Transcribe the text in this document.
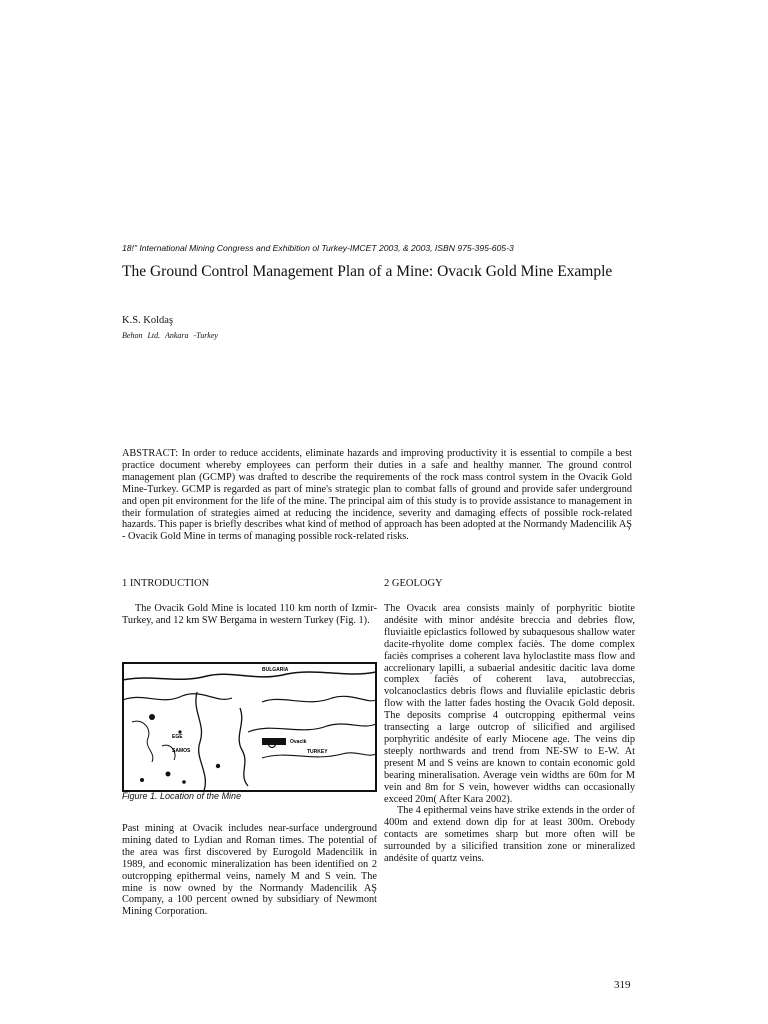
18!" International Mining Congress and Exhibition ol Turkey-IMCET 2003, & 2003, ISBN 975-395-605-3
The Ground Control Management Plan of a Mine: Ovacık Gold Mine Example
K.S. Koldaş
Behon Ltd. Ankara -Turkey
ABSTRACT: In order to reduce accidents, eliminate hazards and improving productivity it is essential to compile a best practice document whereby employees can perform their duties in a safe and healthy manner. The ground control management plan (GCMP) was drafted to describe the requirements of the rock mass control system in the Ovacik Gold Mine-Turkey. GCMP is regarded as part of mine's strategic plan to combat falls of ground and provide safer underground and open pit environment for the life of the mine. The principal aim of this study is to provide assistance to management in their formulation of strategies aimed at reducing the incidence, severity and damaging effects of possible rock-related hazards. This paper is briefly describes what kind of method of approach has been adopted at the Normandy Madencilik AŞ - Ovacik Gold Mine in terms of managing possible rock-related risks.
1 INTRODUCTION	2 GEOLOGY

The Ovacik Gold Mine is located 110 km north of Izmir-Turkey, and 12 km SW Bergama in western Turkey (Fig. 1).

BULGARIA
EGE
SAMOS
Ovacik
TURKEY
Figure 1. Location of the Mine

Past mining at Ovacik includes near-surface underground mining dated to Lydian and Roman times. The potential of the area was first discovered by Eurogold Madencilik in 1989, and economic mineralization has been identified on 2 outcropping epithermal veins, namely M and S vein. The mine is now owned by the Normandy Madencilik AŞ Company, a 100 percent owned by subsidiary of Newmont Mining Corporation.

The Ovacık area consists mainly of porphyritic biotite andésite with minor andésite breccia and debries flow, fluviaitle epiclastics followed by subaquesous shallow water dacite-rhyolite dome complex faciès. The dome complex faciès comprises a coherent lava hyloclastite mass flow and accrelionary lapilli, a subaerial andesitic dacitic lava dome complex faciès of coherent lava, autobreccias, volcanoclastics debris flows and fluvialile epiclastic debris flow with the latter fades hosting the Ovacık Gold deposit. The deposits comprise 4 outcropping epithermal veins transecting a large outcrop of silicified and argilised porphyritic andésite of early Miocene age. The veins dip steeply northwards and trend from NE-SW to E-W. At present M and S veins are known to contain economic gold bearing mineralisation. Average vein widths are 60m for M vein and 8m for S vein, however widths can occasionally exceed 20m( After Kara 2002).

The 4 epithermal veins have strike extends in the order of 400m and extend down dip for at least 300m. Orebody contacts are sometimes sharp but more often will be surrounded by a silicified transition zone or mineralized andésite of quartz veins.

319
